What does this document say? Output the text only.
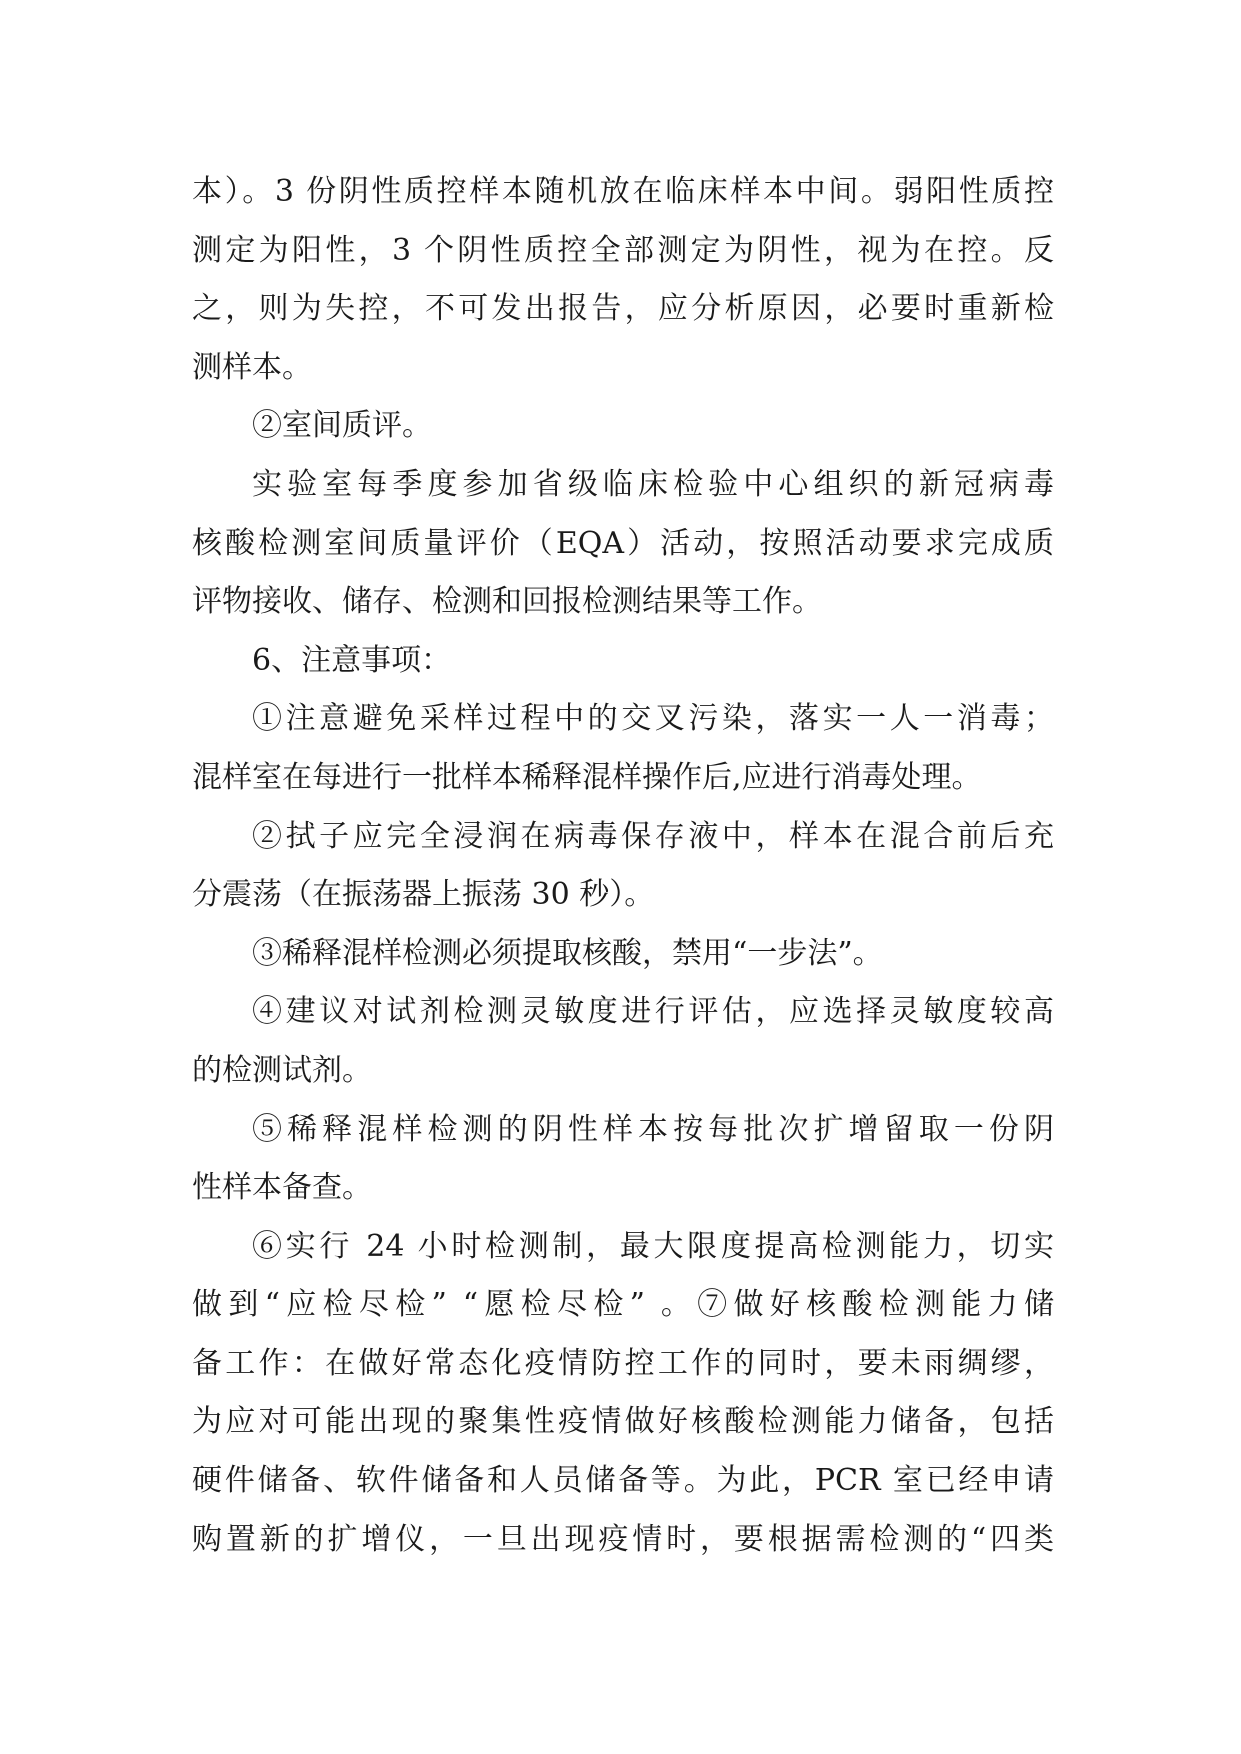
本）。3 份阴性质控样本随机放在临床样本中间。弱阳性质控
测定为阳性，3 个阴性质控全部测定为阴性，视为在控。反
之，则为失控，不可发出报告，应分析原因，必要时重新检
测样本。
②室间质评。
实验室每季度参加省级临床检验中心组织的新冠病毒
核酸检测室间质量评价（EQA）活动，按照活动要求完成质
评物接收、储存、检测和回报检测结果等工作。
6、注意事项：
①注意避免采样过程中的交叉污染，落实一人一消毒；
混样室在每进行一批样本稀释混样操作后,应进行消毒处理。
②拭子应完全浸润在病毒保存液中，样本在混合前后充
分震荡（在振荡器上振荡 30 秒）。
③稀释混样检测必须提取核酸，禁用“一步法”。
④建议对试剂检测灵敏度进行评估，应选择灵敏度较高
的检测试剂。
⑤稀释混样检测的阴性样本按每批次扩增留取一份阴
性样本备查。
⑥实行 24 小时检测制，最大限度提高检测能力，切实
做到“应检尽检” “愿检尽检” 。⑦做好核酸检测能力储
备工作：在做好常态化疫情防控工作的同时，要未雨绸缪，
为应对可能出现的聚集性疫情做好核酸检测能力储备，包括
硬件储备、软件储备和人员储备等。为此，PCR 室已经申请
购置新的扩增仪，一旦出现疫情时，要根据需检测的“四类
